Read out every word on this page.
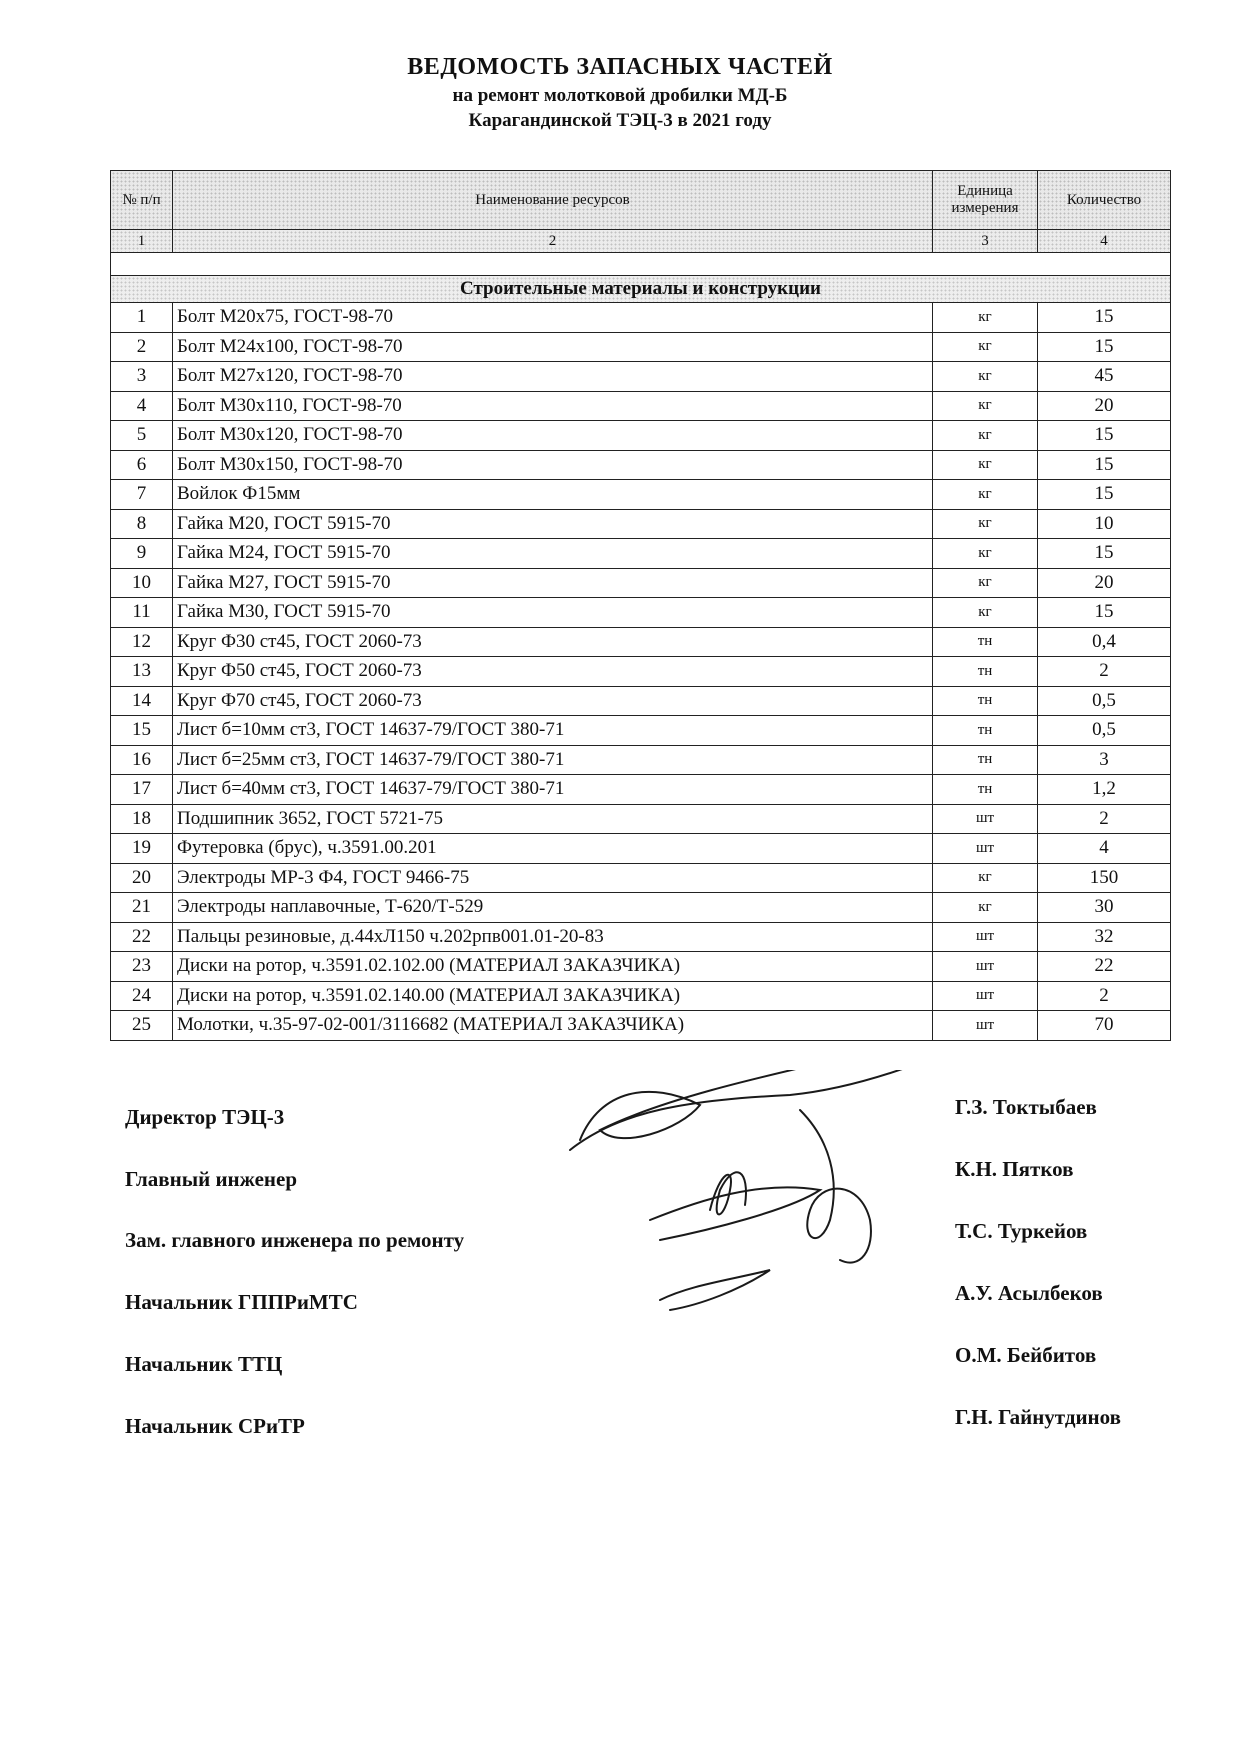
ВЕДОМОСТЬ ЗАПАСНЫХ ЧАСТЕЙ
на ремонт молотковой дробилки МД-Б
Карагандинской ТЭЦ-3 в 2021 году
№ п/п	Наименование ресурсов	Единица измерения	Количество
1	2	3	4

Строительные материалы и конструкции			
1	Болт М20х75, ГОСТ-98-70	кг	15
2	Болт М24х100, ГОСТ-98-70	кг	15
3	Болт М27х120, ГОСТ-98-70	кг	45
4	Болт М30х110, ГОСТ-98-70	кг	20
5	Болт М30х120, ГОСТ-98-70	кг	15
6	Болт М30х150, ГОСТ-98-70	кг	15
7	Войлок Ф15мм	кг	15
8	Гайка М20, ГОСТ 5915-70	кг	10
9	Гайка М24, ГОСТ 5915-70	кг	15
10	Гайка М27, ГОСТ 5915-70	кг	20
11	Гайка М30, ГОСТ 5915-70	кг	15
12	Круг Ф30 ст45, ГОСТ 2060-73	тн	0,4
13	Круг Ф50 ст45, ГОСТ 2060-73	тн	2
14	Круг Ф70 ст45, ГОСТ 2060-73	тн	0,5
15	Лист б=10мм ст3, ГОСТ 14637-79/ГОСТ 380-71	тн	0,5
16	Лист б=25мм ст3, ГОСТ 14637-79/ГОСТ 380-71	тн	3
17	Лист б=40мм ст3, ГОСТ 14637-79/ГОСТ 380-71	тн	1,2
18	Подшипник 3652, ГОСТ 5721-75	шт	2
19	Футеровка (брус), ч.3591.00.201	шт	4
20	Электроды МР-3 Ф4, ГОСТ 9466-75	кг	150
21	Электроды наплавочные, Т-620/Т-529	кг	30
22	Пальцы резиновые, д.44хЛ150 ч.202рпв001.01-20-83	шт	32
23	Диски на ротор, ч.3591.02.102.00 (МАТЕРИАЛ ЗАКАЗЧИКА)	шт	22
24	Диски на ротор, ч.3591.02.140.00 (МАТЕРИАЛ ЗАКАЗЧИКА)	шт	2
25	Молотки, ч.35-97-02-001/3116682 (МАТЕРИАЛ ЗАКАЗЧИКА)	шт	70
Директор ТЭЦ-3	Г.З. Токтыбаев
Главный инженер	К.Н. Пятков
Зам. главного инженера по ремонту	Т.С. Туркейов
Начальник ГППРиМТС	А.У. Асылбеков
Начальник ТТЦ	О.М. Бейбитов
Начальник СРиТР	Г.Н. Гайнутдинов
